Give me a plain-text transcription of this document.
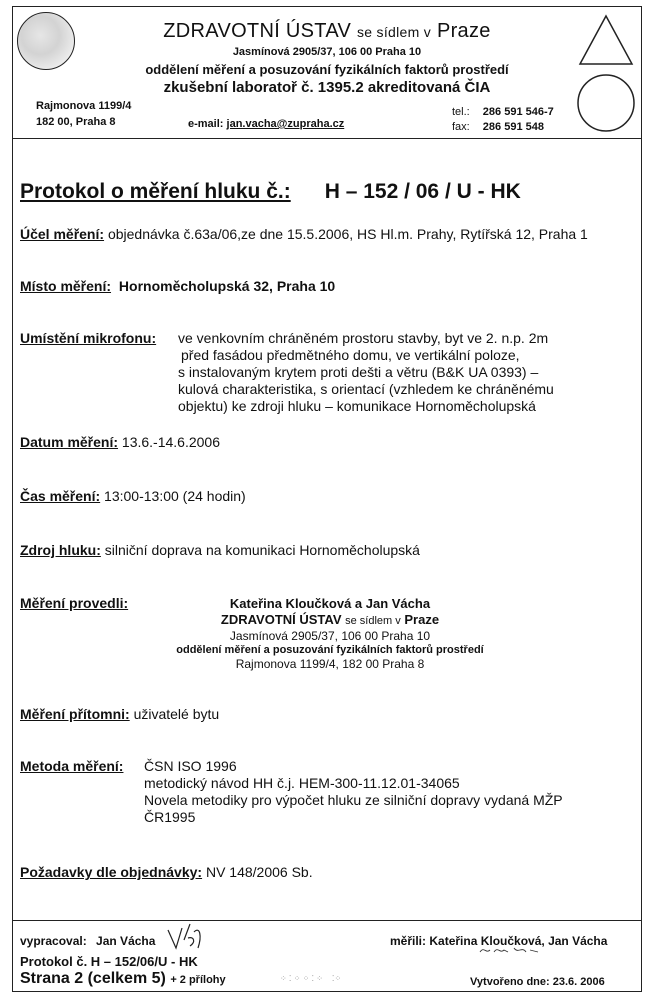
ZDRAVOTNÍ ÚSTAV se sídlem v Praze
Jasmínová 2905/37, 106 00 Praha 10
oddělení měření a posuzování fyzikálních faktorů prostředí
zkušební laboratoř č. 1395.2 akreditovaná ČIA
Rajmonova 1199/4
182 00, Praha 8	e-mail: jan.vacha@zupraha.cz
tel.: 286 591 546-7
fax: 286 591 548
Protokol o měření hluku č.: H – 152 / 06 / U - HK
Účel měření: objednávka č.63a/06,ze dne 15.5.2006, HS Hl.m. Prahy, Rytířská 12, Praha 1
Místo měření: Hornoměcholupská 32, Praha 10
Umístění mikrofonu: ve venkovním chráněném prostoru stavby, byt ve 2. n.p. 2m
před fasádou předmětného domu, ve vertikální poloze,
s instalovaným krytem proti dešti a větru (B&K UA 0393) –
kulová charakteristika, s orientací (vzhledem ke chráněnému
objektu) ke zdroji hluku – komunikace Hornoměcholupská
Datum měření: 13.6.-14.6.2006
Čas měření: 13:00-13:00 (24 hodin)
Zdroj hluku: silniční doprava na komunikaci Hornoměcholupská
Měření provedli:	Kateřina Kloučková a Jan Vácha
ZDRAVOTNÍ ÚSTAV se sídlem v Praze
Jasmínová 2905/37, 106 00 Praha 10
oddělení měření a posuzování fyzikálních faktorů prostředí
Rajmonova 1199/4, 182 00 Praha 8
Měření přítomni: uživatelé bytu
Metoda měření: ČSN ISO 1996
metodický návod HH č.j. HEM-300-11.12.01-34065
Novela metodiky pro výpočet hluku ze silniční dopravy vydaná MŽP
ČR1995
Požadavky dle objednávky: NV 148/2006 Sb.
vypracoval: Jan Vácha	měřili: Kateřina Kloučková, Jan Vácha
Protokol č. H – 152/06/U - HK
Strana 2 (celkem 5) + 2 přílohy	⁘ ⁚ ⁘ ⁘ ⁚ ⁘    ⁚⁘	Vytvořeno dne: 23.6. 2006
